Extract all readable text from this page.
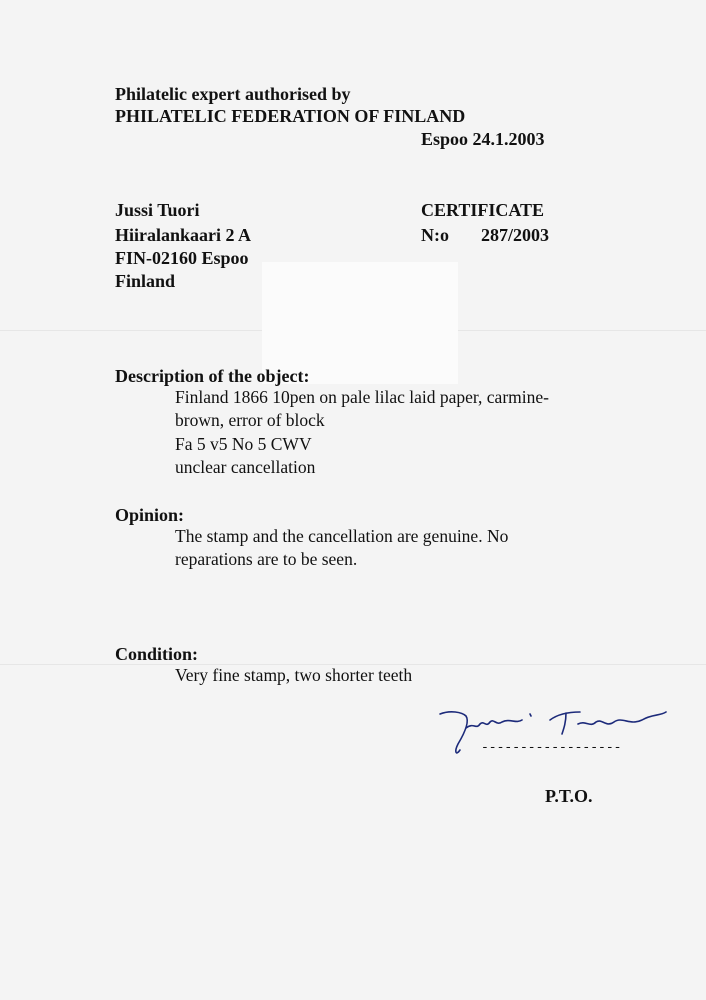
Philatelic expert authorised by
PHILATELIC FEDERATION OF FINLAND
Espoo 24.1.2003
Jussi Tuori
Hiiralankaari 2 A
FIN-02160 Espoo
Finland
CERTIFICATE
N:o 287/2003
Description of the object:
Finland 1866 10pen on pale lilac laid paper, carmine-
brown, error of block
Fa 5 v5 No 5 CWV
unclear cancellation
Opinion:
The stamp and the cancellation are genuine. No
reparations are to be seen.
Condition:
Very fine stamp, two shorter teeth
------------------
P.T.O.
